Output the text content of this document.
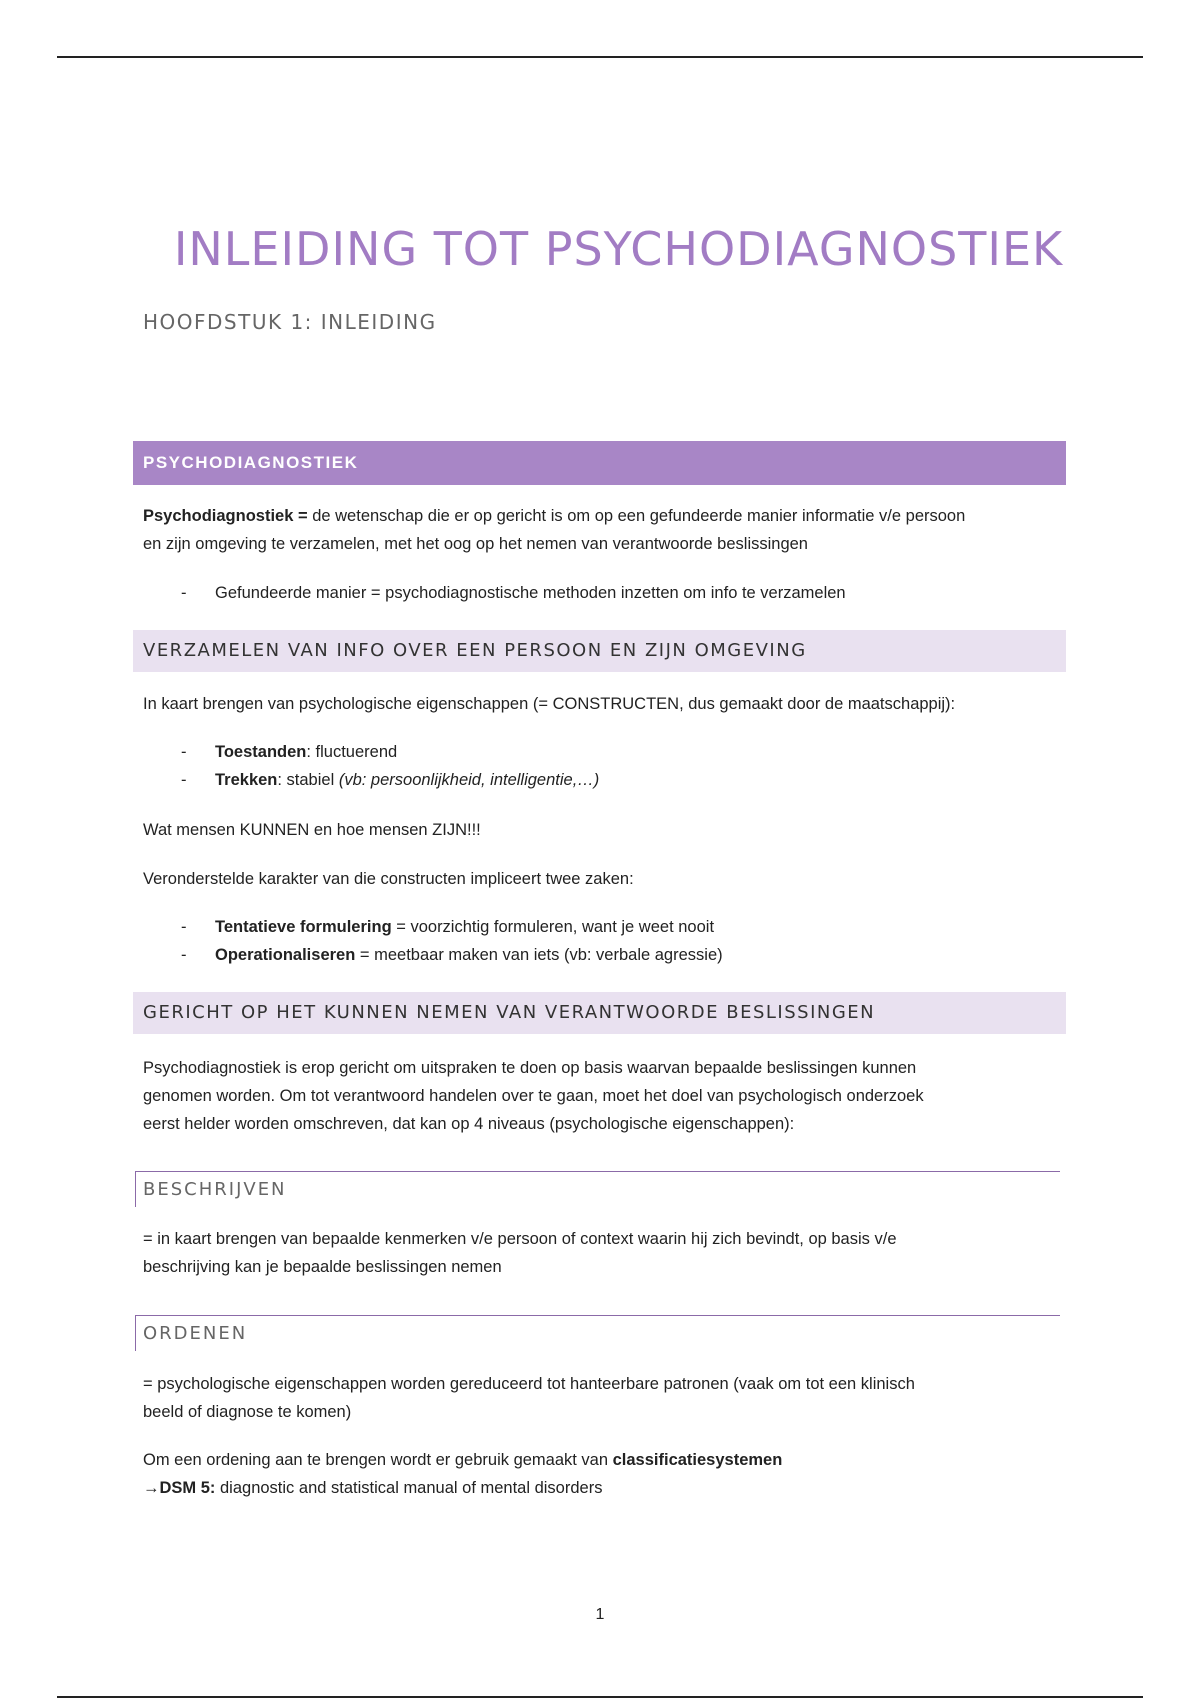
INLEIDING TOT PSYCHODIAGNOSTIEK
HOOFDSTUK 1: INLEIDING
PSYCHODIAGNOSTIEK

Psychodiagnostiek = de wetenschap die er op gericht is om op een gefundeerde manier informatie v/e persoon
en zijn omgeving te verzamelen, met het oog op het nemen van verantwoorde beslissingen

- Gefundeerde manier = psychodiagnostische methoden inzetten om info te verzamelen
VERZAMELEN VAN INFO OVER EEN PERSOON EN ZIJN OMGEVING

In kaart brengen van psychologische eigenschappen (= CONSTRUCTEN, dus gemaakt door de maatschappij):

- Toestanden: fluctuerend
- Trekken: stabiel (vb: persoonlijkheid, intelligentie,…)

Wat mensen KUNNEN en hoe mensen ZIJN!!!

Veronderstelde karakter van die constructen impliceert twee zaken:

- Tentatieve formulering = voorzichtig formuleren, want je weet nooit
- Operationaliseren = meetbaar maken van iets (vb: verbale agressie)
GERICHT OP HET KUNNEN NEMEN VAN VERANTWOORDE BESLISSINGEN

Psychodiagnostiek is erop gericht om uitspraken te doen op basis waarvan bepaalde beslissingen kunnen
genomen worden. Om tot verantwoord handelen over te gaan, moet het doel van psychologisch onderzoek
eerst helder worden omschreven, dat kan op 4 niveaus (psychologische eigenschappen):

BESCHRIJVEN

= in kaart brengen van bepaalde kenmerken v/e persoon of context waarin hij zich bevindt, op basis v/e
beschrijving kan je bepaalde beslissingen nemen

ORDENEN

= psychologische eigenschappen worden gereduceerd tot hanteerbare patronen (vaak om tot een klinisch
beeld of diagnose te komen)

Om een ordening aan te brengen wordt er gebruik gemaakt van classificatiesystemen
→DSM 5: diagnostic and statistical manual of mental disorders

1
